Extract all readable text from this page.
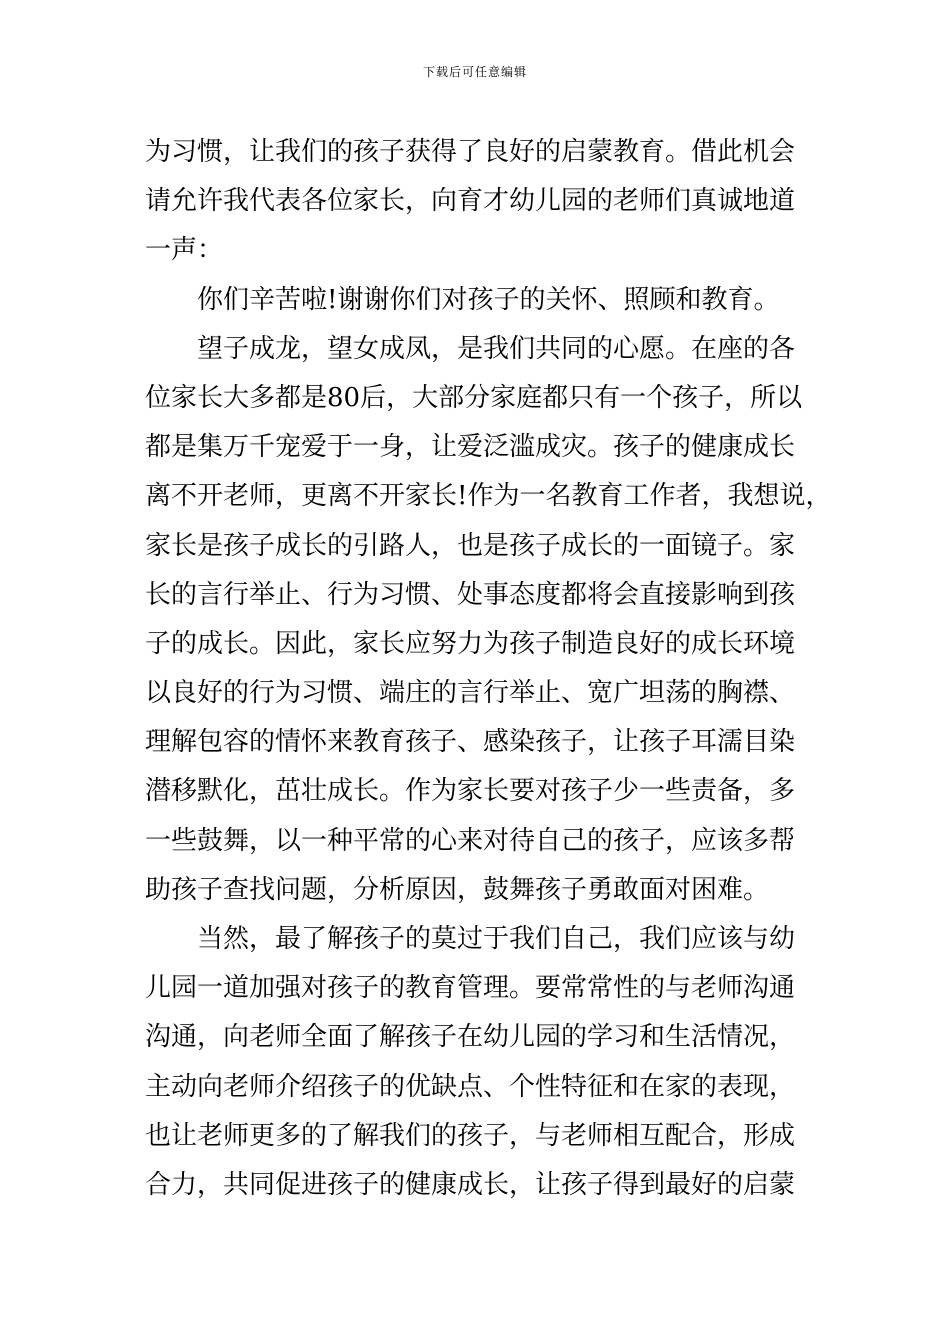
下载后可任意编辑
为习惯，让我们的孩子获得了良好的启蒙教育。借此机会
请允许我代表各位家长，向育才幼儿园的老师们真诚地道
一声：
你们辛苦啦!谢谢你们对孩子的关怀、照顾和教育。
望子成龙，望女成凤，是我们共同的心愿。在座的各
位家长大多都是80后，大部分家庭都只有一个孩子，所以
都是集万千宠爱于一身，让爱泛滥成灾。孩子的健康成长
离不开老师，更离不开家长!作为一名教育工作者，我想说，
家长是孩子成长的引路人，也是孩子成长的一面镜子。家
长的言行举止、行为习惯、处事态度都将会直接影响到孩
子的成长。因此，家长应努力为孩子制造良好的成长环境
以良好的行为习惯、端庄的言行举止、宽广坦荡的胸襟、
理解包容的情怀来教育孩子、感染孩子，让孩子耳濡目染
潜移默化，茁壮成长。作为家长要对孩子少一些责备，多
一些鼓舞，以一种平常的心来对待自己的孩子，应该多帮
助孩子查找问题，分析原因，鼓舞孩子勇敢面对困难。
当然，最了解孩子的莫过于我们自己，我们应该与幼
儿园一道加强对孩子的教育管理。要常常性的与老师沟通
沟通，向老师全面了解孩子在幼儿园的学习和生活情况，
主动向老师介绍孩子的优缺点、个性特征和在家的表现，
也让老师更多的了解我们的孩子，与老师相互配合，形成
合力，共同促进孩子的健康成长，让孩子得到最好的启蒙
